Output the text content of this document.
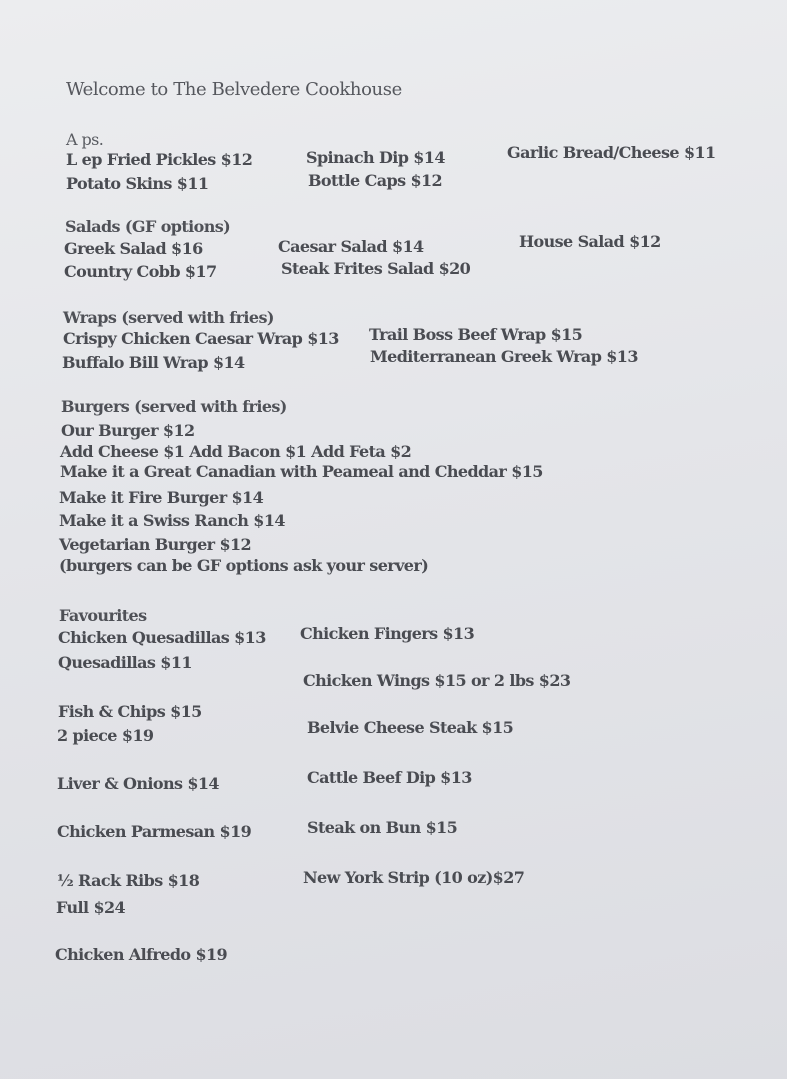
Welcome to The Belvedere Cookhouse
A ps.
L ep Fried Pickles $12	Spinach Dip $14	Garlic Bread/Cheese $11
Potato Skins $11	Bottle Caps $12
Salads (GF options)
Greek Salad $16	Caesar Salad $14	House Salad $12
Country Cobb $17	Steak Frites Salad $20
Wraps (served with fries)
Crispy Chicken Caesar Wrap $13 Trail Boss Beef Wrap $15
Buffalo Bill Wrap $14	Mediterranean Greek Wrap $13
Burgers (served with fries)
Our Burger $12
Add Cheese $1 Add Bacon $1 Add Feta $2
Make it a Great Canadian with Peameal and Cheddar $15
Make it Fire Burger $14
Make it a Swiss Ranch $14
Vegetarian Burger $12
(burgers can be GF options ask your server)
Favourites
Chicken Quesadillas $13 Chicken Fingers $13
Quesadillas $11
Chicken Wings $15 or 2 lbs $23
Fish & Chips $15
2 piece $19	Belvie Cheese Steak $15
Liver & Onions $14	Cattle Beef Dip $13
Chicken Parmesan $19	Steak on Bun $15
½ Rack Ribs $18	New York Strip (10 oz)$27
Full $24
Chicken Alfredo $19
